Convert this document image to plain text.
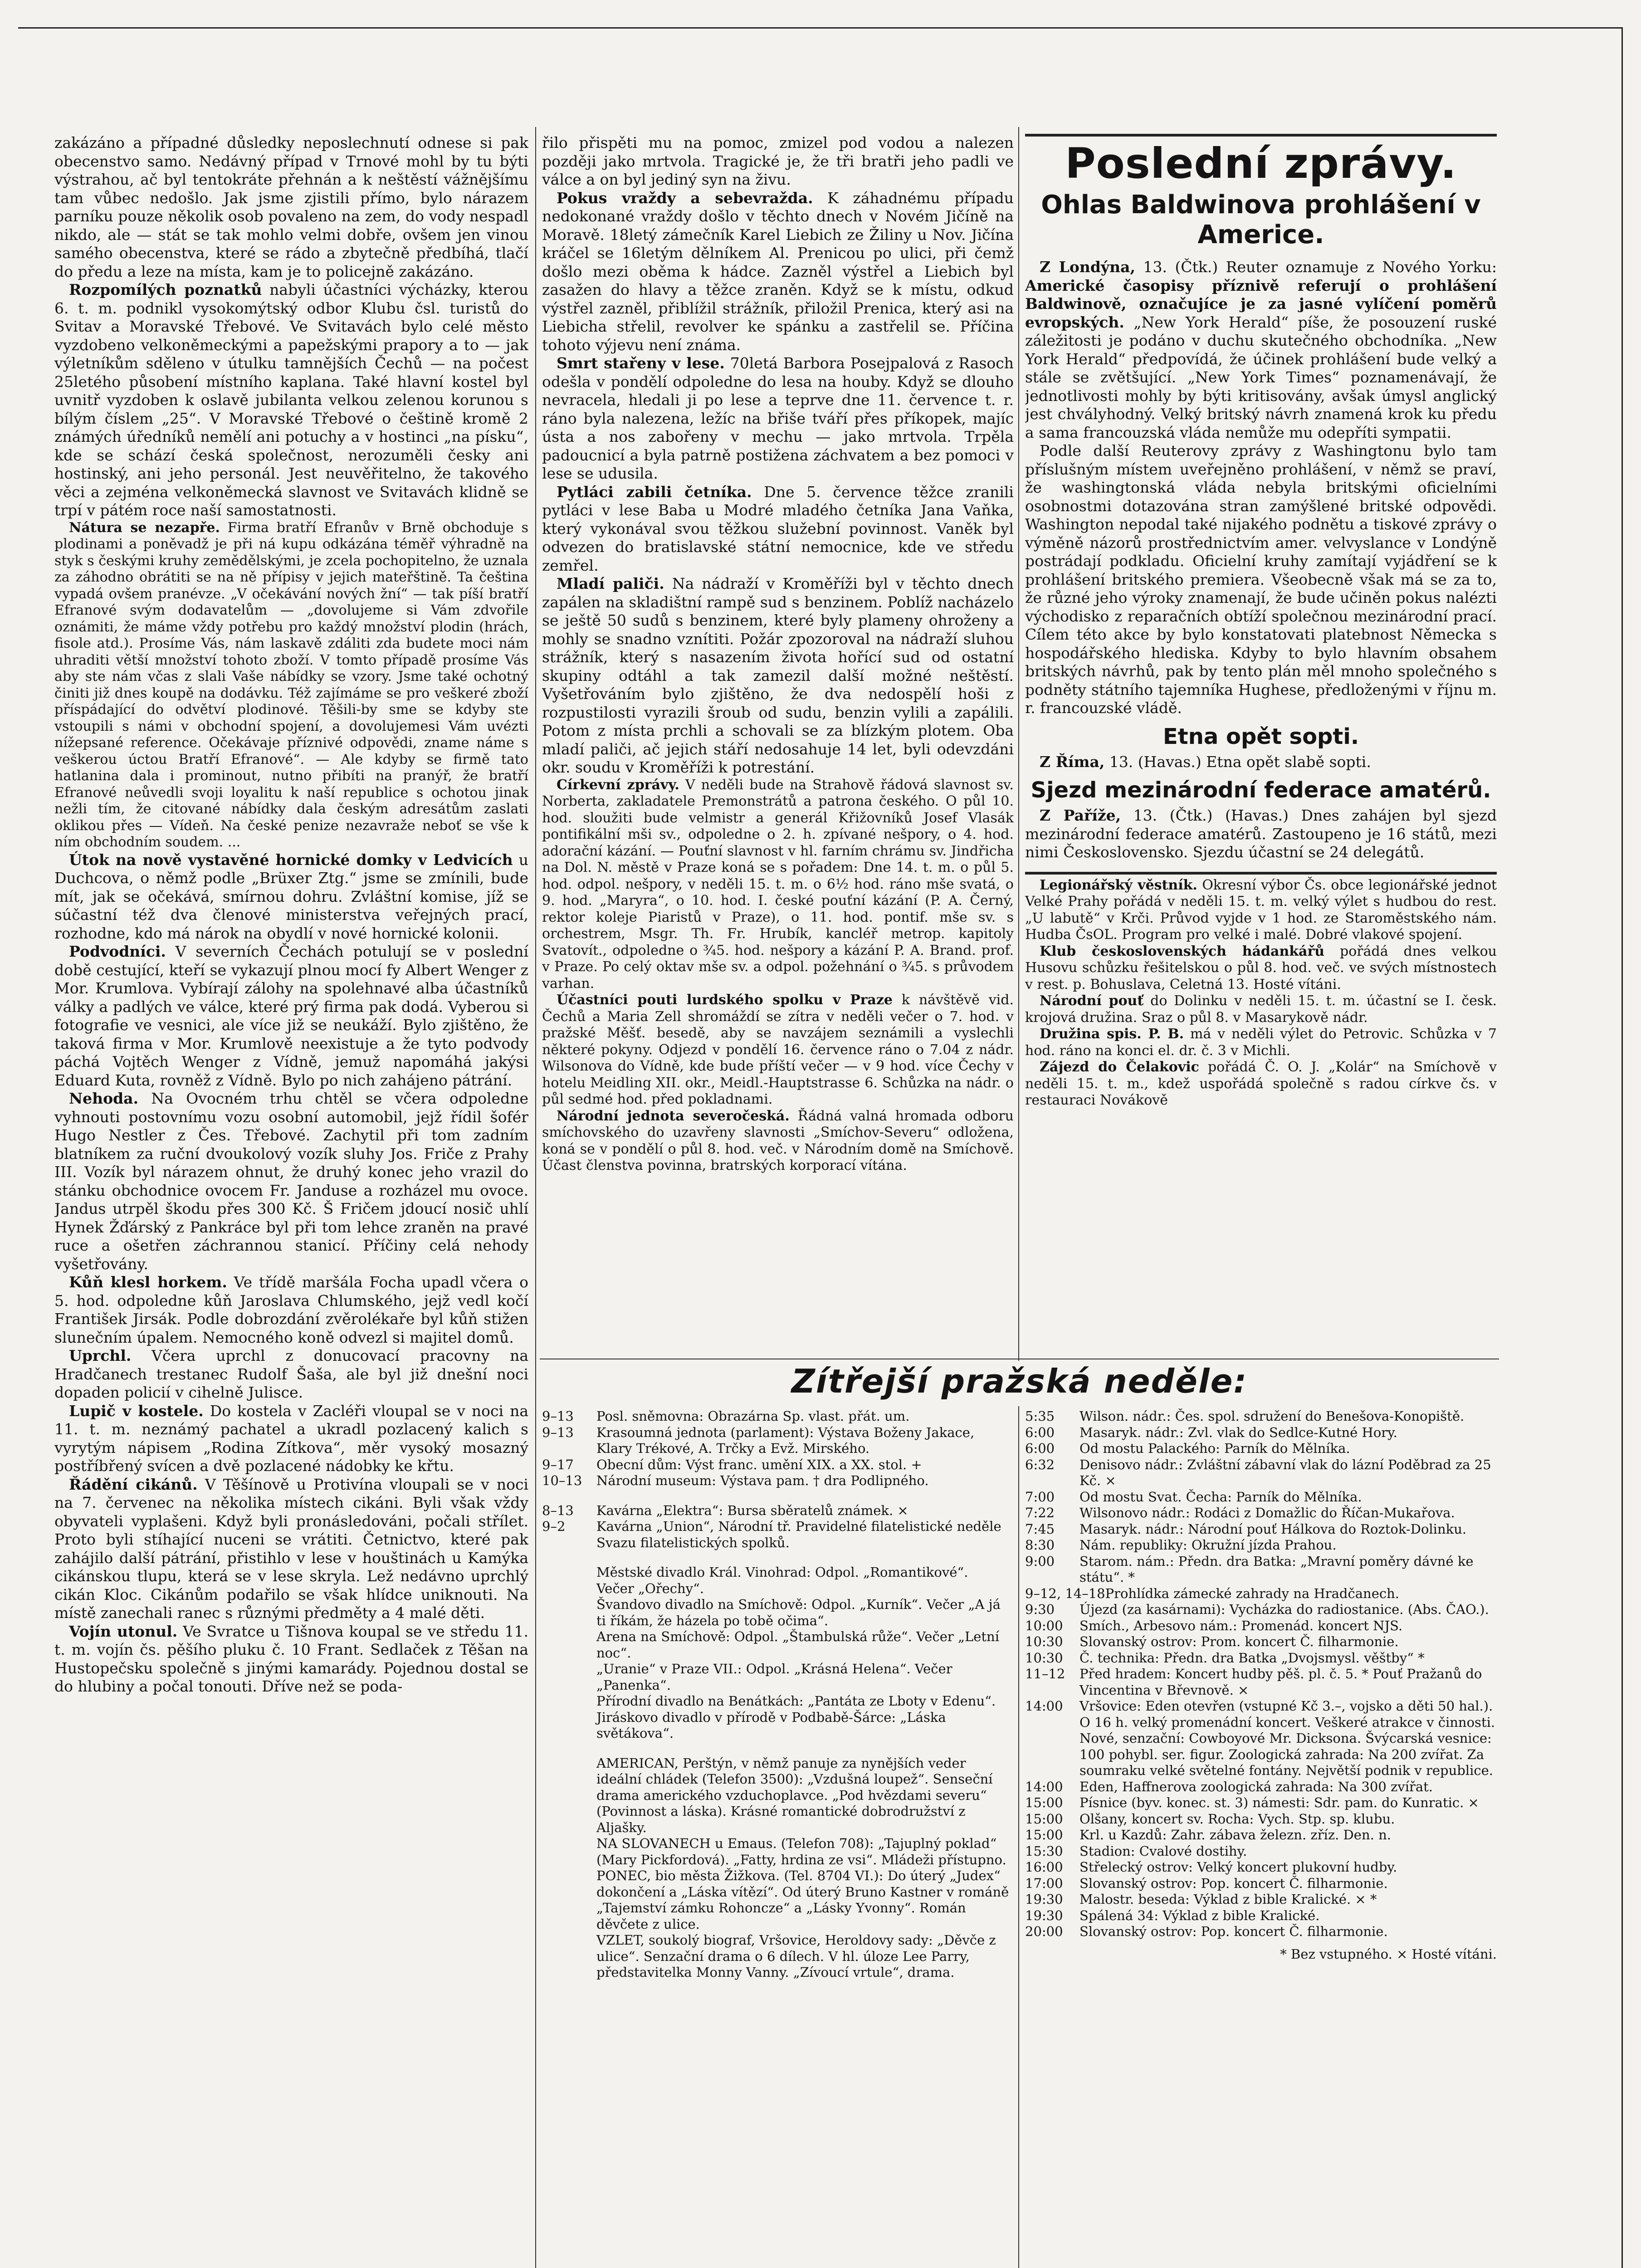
zakázáno a případné důsledky neposlechnutí odnese si pak obecenstvo samo. Nedávný případ v Trnové mohl by tu býti výstrahou, ač byl tentokráte přehnán a k neštěstí vážnějšímu tam vůbec nedošlo. Jak jsme zjistili přímo, bylo nárazem parníku pouze několik osob povaleno na zem, do vody nespadl nikdo, ale — stát se tak mohlo velmi dobře, ovšem jen vinou samého obecenstva, které se rádo a zbytečně předbíhá, tlačí do předu a leze na místa, kam je to policejně zakázáno.

Rozpomílých poznatků nabyli účastníci výcházky, kterou 6. t. m. podnikl vysokomýtský odbor Klubu čsl. turistů do Svitav a Moravské Třebové. Ve Svitavách bylo celé město vyzdobeno velkoněmeckými a papežskými prapory a to — jak výletníkům sděleno v útulku tamnějších Čechů — na počest 25letého působení místního kaplana. Také hlavní kostel byl uvnitř vyzdoben k oslavě jubilanta velkou zelenou korunou s bílým číslem „25“. V Moravské Třebové o češtině kromě 2 známých úředníků nemělí ani potuchy a v hostinci „na písku“, kde se schází česká společnost, nerozuměli česky ani hostinský, ani jeho personál. Jest neuvěřitelno, že takového věci a zejména velkoněmecká slavnost ve Svitavách klidně se trpí v pátém roce naší samostatnosti.

Nátura se nezapře. Firma bratří Efranův v Brně obchoduje s plodinami a poněvadž je při ná kupu odkázána téměř výhradně na styk s českými kruhy zemědělskými, je zcela pochopitelno, že uznala za záhodno obrátiti se na ně přípisy v jejich mateřštině. Ta čeština vypadá ovšem pranévze. „V očekávání nových žní“ — tak píší bratří Efranové svým dodavatelům — „dovolujeme si Vám zdvořile oznámiti, že máme vždy potřebu pro každý množství plodin (hrách, fisole atd.). Prosíme Vás, nám laskavě zdáliti zda budete moci nám uhraditi větší množství tohoto zboží. V tomto případě prosíme Vás aby ste nám včas z slali Vaše nábídky se vzory. Jsme také ochotný činiti již dnes koupě na dodávku. Též zajímáme se pro veškeré zboží příspádající do odvětví plodinové. Těšili-by sme se kdyby ste vstoupili s námi v obchodní spojení, a dovolujemesi Vám uvézti nížepsané reference. Očekávaje příznivé odpovědi, zname náme s veškerou úctou Bratří Efranové“. — Ale kdyby se firmě tato hatlanina dala i prominout, nutno přibíti na pranýř, že bratří Efranové neůvedli svoji loyalitu k naší republice s ochotou jinak nežli tím, že citované nábídky dala českým adresátům zaslati oklikou přes — Vídeň. Na české penize nezavraže neboť se vše k ním obchodním soudem. ...

Útok na nově vystavěné hornické domky v Ledvicích u Duchcova, o němž podle „Brüxer Ztg.“ jsme se zmínili, bude mít, jak se očekává, smírnou dohru. Zvláštní komise, jíž se súčastní též dva členové ministerstva veřejných prací, rozhodne, kdo má nárok na obydlí v nové hornické kolonii.

Podvodníci. V severních Čechách potulují se v poslední době cestující, kteří se vykazují plnou mocí fy Albert Wenger z Mor. Krumlova. Vybírají zálohy na spolehnavé alba účastníků války a padlých ve válce, které prý firma pak dodá. Vyberou si fotografie ve vesnici, ale více již se neukáží. Bylo zjištěno, že taková firma v Mor. Krumlově neexistuje a že tyto podvody páchá Vojtěch Wenger z Vídně, jemuž napomáhá jakýsi Eduard Kuta, rovněž z Vídně. Bylo po nich zahájeno pátrání.

Nehoda. Na Ovocném trhu chtěl se včera odpoledne vyhnouti postovnímu vozu osobní automobil, jejž řídil šofér Hugo Nestler z Čes. Třebové. Zachytil při tom zadním blatníkem za ruční dvoukolový vozík sluhy Jos. Friče z Prahy III. Vozík byl nárazem ohnut, že druhý konec jeho vrazil do stánku obchodnice ovocem Fr. Janduse a rozházel mu ovoce. Jandus utrpěl škodu přes 300 Kč. Š Fričem jdoucí nosič uhlí Hynek Žďárský z Pankráce byl při tom lehce zraněn na pravé ruce a ošetřen záchrannou stanicí. Příčiny celá nehody vyšetřovány.

Kůň klesl horkem. Ve třídě maršála Focha upadl včera o 5. hod. odpoledne kůň Jaroslava Chlumského, jejž vedl kočí František Jirsák. Podle dobrozdání zvěrolékaře byl kůň stižen slunečním úpalem. Nemocného koně odvezl si majitel domů.

Uprchl. Včera uprchl z donucovací pracovny na Hradčanech trestanec Rudolf Šaša, ale byl již dnešní noci dopaden policií v cihelně Julisce.

Lupič v kostele. Do kostela v Zacléři vloupal se v noci na 11. t. m. neznámý pachatel a ukradl pozlacený kalich s vyrytým nápisem „Rodina Zítkova“, měr vysoký mosazný postříbřený svícen a dvě pozlacené nádobky ke křtu.

Řádění cikánů. V Těšínově u Protivína vloupali se v noci na 7. červenec na několika místech cikáni. Byli však vždy obyvateli vyplašeni. Když byli pronásledováni, počali střílet. Proto byli stíhající nuceni se vrátiti. Četnictvo, které pak zahájilo další pátrání, přistihlo v lese v houštinách u Kamýka cikánskou tlupu, která se v lese skryla. Lež nedávno uprchlý cikán Kloc. Cikánům podařilo se však hlídce uniknouti. Na místě zanechali ranec s různými předměty a 4 malé děti.

Vojín utonul. Ve Svratce u Tišnova koupal se ve středu 11. t. m. vojín čs. pěšího pluku č. 10 Frant. Sedlaček z Těšan na Hustopečsku společně s jinými kamarády. Pojednou dostal se do hlubiny a počal tonouti. Dříve než se poda-

řilo přispěti mu na pomoc, zmizel pod vodou a nalezen později jako mrtvola. Tragické je, že tři bratři jeho padli ve válce a on byl jediný syn na živu.

Pokus vraždy a sebevražda. K záhadnému případu nedokonané vraždy došlo v těchto dnech v Novém Jičíně na Moravě. 18letý zámečník Karel Liebich ze Žiliny u Nov. Jičína kráčel se 16letým dělníkem Al. Prenicou po ulici, při čemž došlo mezi oběma k hádce. Zazněl výstřel a Liebich byl zasažen do hlavy a těžce zraněn. Když se k místu, odkud výstřel zazněl, přiblížil strážník, přiložil Prenica, který asi na Liebicha střelil, revolver ke spánku a zastřelil se. Příčina tohoto výjevu není známa.

Smrt stařeny v lese. 70letá Barbora Posejpalová z Rasoch odešla v pondělí odpoledne do lesa na houby. Když se dlouho nevracela, hledali ji po lese a teprve dne 11. července t. r. ráno byla nalezena, ležíc na břiše tváří přes příkopek, majíc ústa a nos zabořeny v mechu — jako mrtvola. Trpěla padoucnicí a byla patrně postižena záchvatem a bez pomoci v lese se udusila.

Pytláci zabili četníka. Dne 5. července těžce zranili pytláci v lese Baba u Modré mladého četníka Jana Vaňka, který vykonával svou těžkou služební povinnost. Vaněk byl odvezen do bratislavské státní nemocnice, kde ve středu zemřel.

Mladí paliči. Na nádraží v Kroměříži byl v těchto dnech zapálen na skladištní rampě sud s benzinem. Poblíž nacházelo se ještě 50 sudů s benzinem, které byly plameny ohroženy a mohly se snadno vznítiti. Požár zpozoroval na nádraží sluhou strážník, který s nasazením života hořící sud od ostatní skupiny odtáhl a tak zamezil další možné neštěstí. Vyšetřováním bylo zjištěno, že dva nedospělí hoši z rozpustilosti vyrazili šroub od sudu, benzin vylili a zapálili. Potom z místa prchli a schovali se za blízkým plotem. Oba mladí paliči, ač jejich stáří nedosahuje 14 let, byli odevzdáni okr. soudu v Kroměříži k potrestání.

Církevní zprávy. V neděli bude na Strahově řádová slavnost sv. Norberta, zakladatele Premonstrátů a patrona českého. O půl 10. hod. sloužiti bude velmistr a generál Křižovníků Josef Vlasák pontifikální mši sv., odpoledne o 2. h. zpívané nešpory, o 4. hod. adorační kázání. — Pouťní slavnost v hl. farním chrámu sv. Jindřicha na Dol. N. městě v Praze koná se s pořadem: Dne 14. t. m. o půl 5. hod. odpol. nešpory, v neděli 15. t. m. o 6½ hod. ráno mše svatá, o 9. hod. „Maryra“, o 10. hod. I. české pouťní kázání (P. A. Černý, rektor koleje Piaristů v Praze), o 11. hod. pontif. mše sv. s orchestrem, Msgr. Th. Fr. Hrubík, kancléř metrop. kapitoly Svatovít., odpoledne o ¾5. hod. nešpory a kázání P. A. Brand. prof. v Praze. Po celý oktav mše sv. a odpol. požehnání o ¾5. s průvodem varhan.

Účastníci pouti lurdského spolku v Praze k návštěvě vid. Čechů a Maria Zell shromáždí se zítra v neděli večer o 7. hod. v pražské Měšť. besedě, aby se navzájem seznámili a vyslechli některé pokyny. Odjezd v pondělí 16. července ráno o 7.04 z nádr. Wilsonova do Vídně, kde bude příští večer — v 9 hod. více Čechy v hotelu Meidling XII. okr., Meidl.-Hauptstrasse 6. Schůzka na nádr. o půl sedmé hod. před pokladnami.

Národní jednota severočeská. Řádná valná hromada odboru smíchovského do uzavřeny slavnosti „Smíchov-Severu“ odložena, koná se v pondělí o půl 8. hod. več. v Národním domě na Smíchově. Účast členstva povinna, bratrských korporací vítána.

Poslední zprávy.
Ohlas Baldwinova prohlášení v Americe.

Z Londýna, 13. (Čtk.) Reuter oznamuje z Nového Yorku: Americké časopisy příznivě referují o prohlášení Baldwinově, označujíce je za jasné vylíčení poměrů evropských. „New York Herald“ píše, že posouzení ruské záležitosti je podáno v duchu skutečného obchodníka. „New York Herald“ předpovídá, že účinek prohlášení bude velký a stále se zvětšující. „New York Times“ poznamenávají, že jednotlivosti mohly by býti kritisovány, avšak úmysl anglický jest chvályhodný. Velký britský návrh znamená krok ku předu a sama francouzská vláda nemůže mu odepříti sympatii.

Podle další Reuterovy zprávy z Washingtonu bylo tam příslušným místem uveřejněno prohlášení, v němž se praví, že washingtonská vláda nebyla britskými oficielními osobnostmi dotazována stran zamýšlené britské odpovědi. Washington nepodal také nijakého podnětu a tiskové zprávy o výměně názorů prostřednictvím amer. velvyslance v Londýně postrádají podkladu. Oficielní kruhy zamítají vyjádření se k prohlášení britského premiera. Všeobecně však má se za to, že různé jeho výroky znamenají, že bude učiněn pokus nalézti východisko z reparačních obtíží společnou mezinárodní prací. Cílem této akce by bylo konstatovati platebnost Německa s hospodářského hlediska. Kdyby to bylo hlavním obsahem britských návrhů, pak by tento plán měl mnoho společného s podněty státního tajemníka Hughese, předloženými v říjnu m. r. francouzské vládě.

Etna opět sopti.

Z Říma, 13. (Havas.) Etna opět slabě sopti.

Sjezd mezinárodní federace amatérů.

Z Paříže, 13. (Čtk.) (Havas.) Dnes zahájen byl sjezd mezinárodní federace amatérů. Zastoupeno je 16 států, mezi nimi Československo. Sjezdu účastní se 24 delegátů.

Legionářský věstník. Okresní výbor Čs. obce legionářské jednot Velké Prahy pořádá v neděli 15. t. m. velký výlet s hudbou do rest. „U labutě“ v Krči. Průvod vyjde v 1 hod. ze Staroměstského nám. Hudba ČsOL. Program pro velké i malé. Dobré vlakové spojení.

Klub československých hádankářů pořádá dnes velkou Husovu schůzku řešitelskou o půl 8. hod. več. ve svých místnostech v rest. p. Bohuslava, Celetná 13. Hosté vítáni.

Národní pouť do Dolinku v neděli 15. t. m. účastní se I. česk. krojová družina. Sraz o půl 8. v Masarykově nádr.

Družina spis. P. B. má v neděli výlet do Petrovic. Schůzka v 7 hod. ráno na konci el. dr. č. 3 v Michli.

Zájezd do Čelakovic pořádá Č. O. J. „Kolár“ na Smíchově v neděli 15. t. m., kdež uspořádá společně s radou církve čs. v restauraci Novákově

Zítřejší pražská neděle:
9–13	Posl. sněmovna: Obrazárna Sp. vlast. přát. um.
9–13	Krasoumná jednota (parlament): Výstava Boženy Jakace, Klary Trékové, A. Trčky a Evž. Mirského.
9–17	Obecní dům: Výst franc. umění XIX. a XX. stol. +
10–13	Národní museum: Výstava pam. † dra Podlipného.
8–13	Kavárna „Elektra“: Bursa sběratelů známek. ×
9–2	Kavárna „Union“, Národní tř. Pravidelné filatelistické neděle Svazu filatelistických spolků.
Městské divadlo Král. Vinohrad: Odpol. „Romantikové“. Večer „Ořechy“.
Švandovo divadlo na Smíchově: Odpol. „Kurník“. Večer „A já ti říkám, že házela po tobě očima“.
Arena na Smíchově: Odpol. „Štambulská růže“. Večer „Letní noc“.
„Uranie“ v Praze VII.: Odpol. „Krásná Helena“. Večer „Panenka“.
Přírodní divadlo na Benátkách: „Pantáta ze Lboty v Edenu“.
Jiráskovo divadlo v přírodě v Podbabě-Šárce: „Láska světákova“.
AMERICAN, Perštýn, v němž panuje za nynějších veder ideální chládek (Telefon 3500): „Vzdušná loupež“. Senseční drama amerického vzduchoplavce. „Pod hvězdami severu“ (Povinnost a láska). Krásné romantické dobrodružství z Aljašky.
NA SLOVANECH u Emaus. (Telefon 708): „Tajuplný poklad“ (Mary Pickfordová). „Fatty, hrdina ze vsi“. Mládeži přístupno.
PONEC, bio města Žižkova. (Tel. 8704 VI.): Do úterý „Judex“ dokončení a „Láska vítězí“. Od úterý Bruno Kastner v románě „Tajemství zámku Rohoncze“ a „Lásky Yvonny“. Román děvčete z ulice.
VZLET, soukolý biograf, Vršovice, Heroldovy sady: „Děvče z ulice“. Senzační drama o 6 dílech. V hl. úloze Lee Parry, představitelka Monny Vanny. „Zívoucí vrtule“, drama.
5:35	Wilson. nádr.: Čes. spol. sdružení do Benešova-Konopiště.
6:00	Masaryk. nádr.: Zvl. vlak do Sedlce-Kutné Hory.
6:00	Od mostu Palackého: Parník do Mělníka.
6:32	Denisovo nádr.: Zvláštní zábavní vlak do lázní Poděbrad za 25 Kč. ×
7:00	Od mostu Svat. Čecha: Parník do Mělníka.
7:22	Wilsonovo nádr.: Rodáci z Domažlic do Říčan-Mukařova.
7:45	Masaryk. nádr.: Národní pouť Hálkova do Roztok-Dolinku.
8:30	Nám. republiky: Okružní jízda Prahou.
9:00	Starom. nám.: Předn. dra Batka: „Mravní poměry dávné ke státu“. *
9–12, 14–18 Prohlídka zámecké zahrady na Hradčanech.
9:30	Újezd (za kasárnami): Vycházka do radiostanice. (Abs. ČAO.).
10:00	Smích., Arbesovo nám.: Promenád. koncert NJS.
10:30	Slovanský ostrov: Prom. koncert Č. filharmonie.
10:30	Č. technika: Předn. dra Batka „Dvojsmysl. věštby“ *
11–12	Před hradem: Koncert hudby pěš. pl. č. 5. * Pouť Pražanů do Vincentina v Břevnově. ×
14:00	Vršovice: Eden otevřen (vstupné Kč 3.–, vojsko a děti 50 hal.). O 16 h. velký promenádní koncert. Veškeré atrakce v činnosti. Nové, senzační: Cowboyové Mr. Dicksona. Švýcarská vesnice: 100 pohybl. ser. figur. Zoologická zahrada: Na 200 zvířat. Za soumraku velké světelné fontány. Největší podnik v republice.
14:00	Eden, Haffnerova zoologická zahrada: Na 300 zvířat.
15:00	Písnice (byv. konec. st. 3) námesti: Sdr. pam. do Kunratic. ×
15:00	Olšany, koncert sv. Rocha: Vych. Stp. sp. klubu.
15:00	Krl. u Kazdů: Zahr. zábava železn. zříz. Den. n.
15:30	Stadion: Cvalové dostihy.
16:00	Střelecký ostrov: Velký koncert plukovní hudby.
17:00	Slovanský ostrov: Pop. koncert Č. filharmonie.
19:30	Malostr. beseda: Výklad z bible Kralické. × *
19:30	Spálená 34: Výklad z bible Kralické.
20:00	Slovanský ostrov: Pop. koncert Č. filharmonie.
* Bez vstupného. × Hosté vítáni.
